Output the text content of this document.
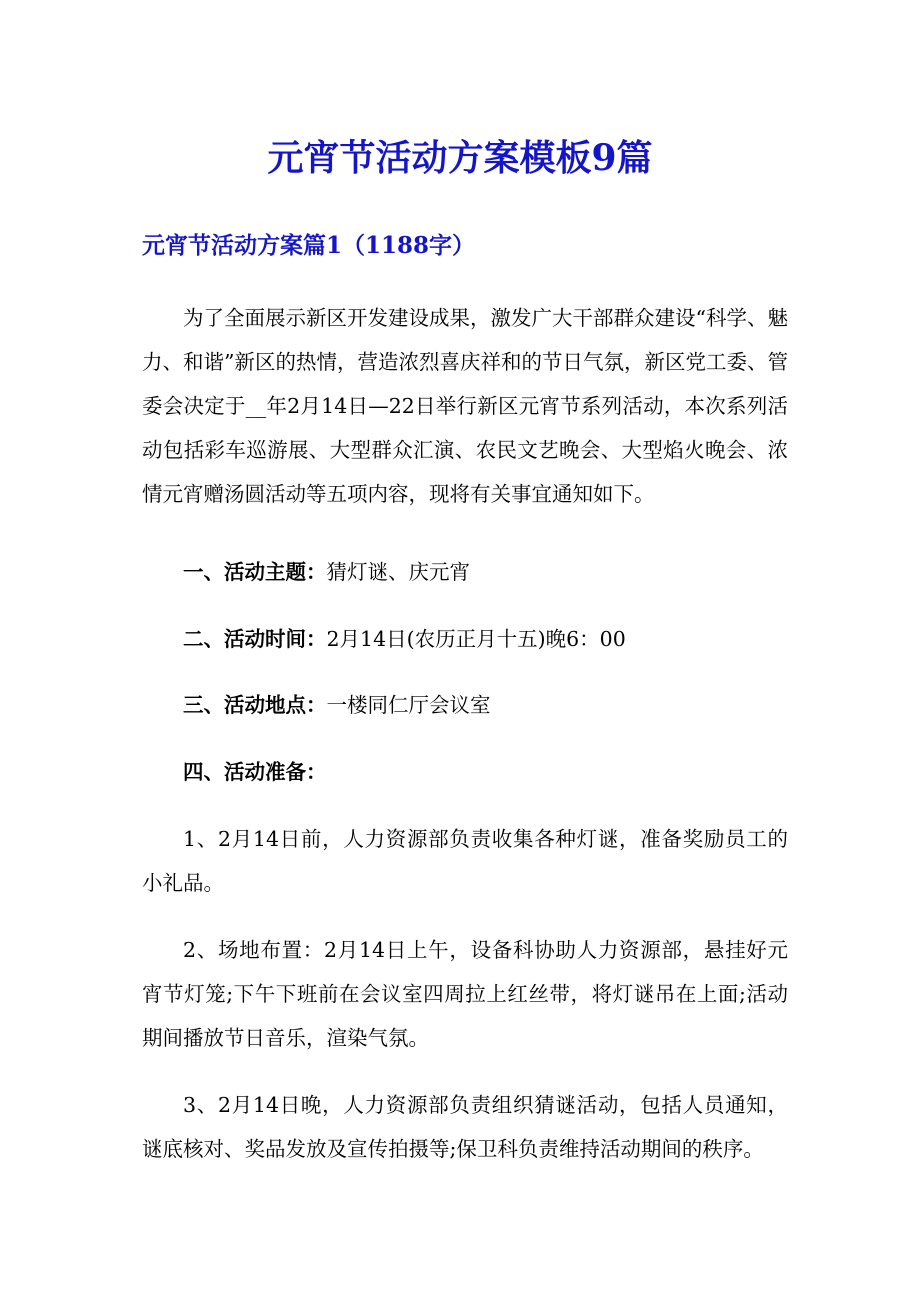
元宵节活动方案模板9篇
元宵节活动方案篇1（1188字）

为了全面展示新区开发建设成果，激发广大干部群众建设“科学、魅力、和谐”新区的热情，营造浓烈喜庆祥和的节日气氛，新区党工委、管委会决定于__年2月14日—22日举行新区元宵节系列活动，本次系列活动包括彩车巡游展、大型群众汇演、农民文艺晚会、大型焰火晚会、浓情元宵赠汤圆活动等五项内容，现将有关事宜通知如下。

一、活动主题：猜灯谜、庆元宵

二、活动时间：2月14日(农历正月十五)晚6：00

三、活动地点：一楼同仁厅会议室

四、活动准备：

1、2月14日前，人力资源部负责收集各种灯谜，准备奖励员工的小礼品。

2、场地布置：2月14日上午，设备科协助人力资源部，悬挂好元宵节灯笼;下午下班前在会议室四周拉上红丝带，将灯谜吊在上面;活动期间播放节日音乐，渲染气氛。

3、2月14日晚，人力资源部负责组织猜谜活动，包括人员通知，谜底核对、奖品发放及宣传拍摄等;保卫科负责维持活动期间的秩序。
